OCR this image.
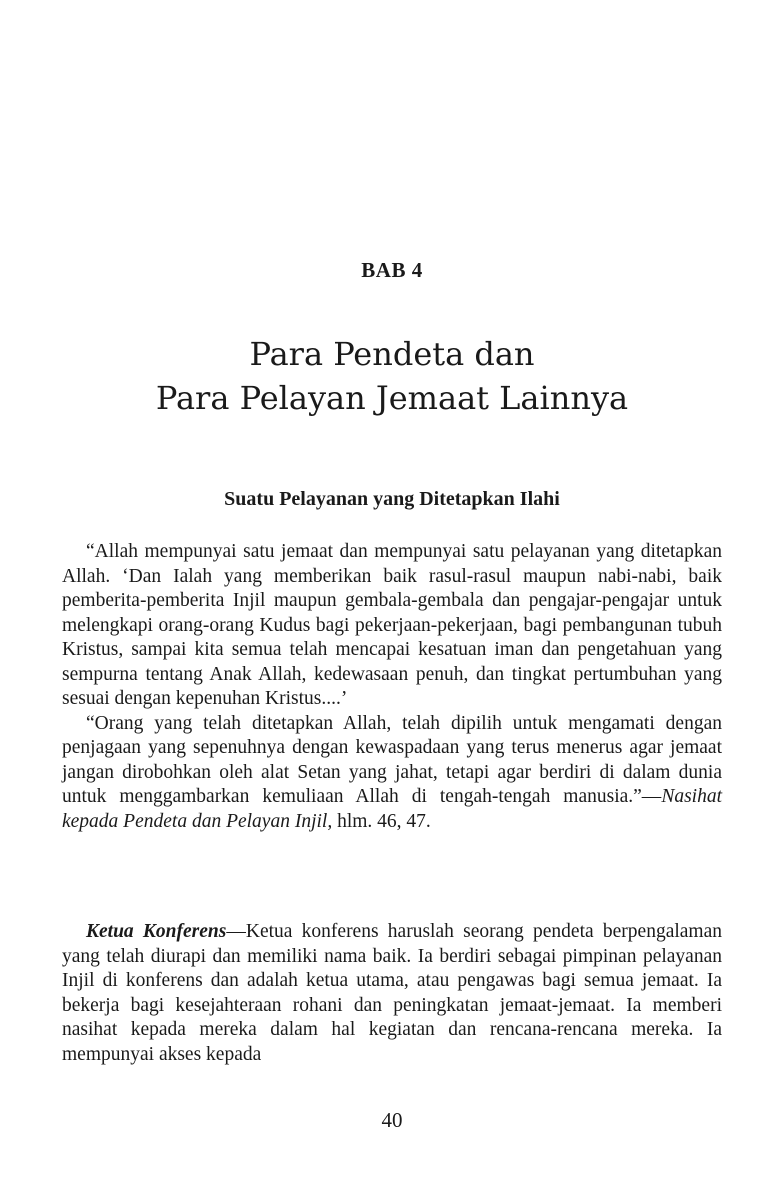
BAB 4
Para Pendeta dan
Para Pelayan Jemaat Lainnya
Suatu Pelayanan yang Ditetapkan Ilahi

“Allah mempunyai satu jemaat dan mempunyai satu pelayanan yang ditetapkan Allah. ‘Dan Ialah yang memberikan baik rasul-rasul maupun nabi-nabi, baik pemberita-pemberita Injil maupun gembala-gembala dan pengajar-pengajar untuk melengkapi orang-orang Kudus bagi pekerjaan-pekerjaan, bagi pembangunan tubuh Kristus, sampai kita semua telah mencapai kesatuan iman dan pengetahuan yang sempurna tentang Anak Allah, kedewasaan penuh, dan tingkat pertumbuhan yang sesuai dengan kepenuhan Kristus....’

“Orang yang telah ditetapkan Allah, telah dipilih untuk mengamati dengan penjagaan yang sepenuhnya dengan kewaspadaan yang terus menerus agar jemaat jangan dirobohkan oleh alat Setan yang jahat, tetapi agar berdiri di dalam dunia untuk menggambarkan kemuliaan Allah di tengah-tengah manusia.”—Nasihat kepada Pendeta dan Pelayan Injil, hlm. 46, 47.

Ketua Konferens—Ketua konferens haruslah seorang pendeta berpengalaman yang telah diurapi dan memiliki nama baik. Ia berdiri sebagai pimpinan pelayanan Injil di konferens dan adalah ketua utama, atau pengawas bagi semua jemaat. Ia bekerja bagi kesejahteraan rohani dan peningkatan jemaat-jemaat. Ia memberi nasihat kepada mereka dalam hal kegiatan dan rencana-rencana mereka. Ia mempunyai akses kepada

40
